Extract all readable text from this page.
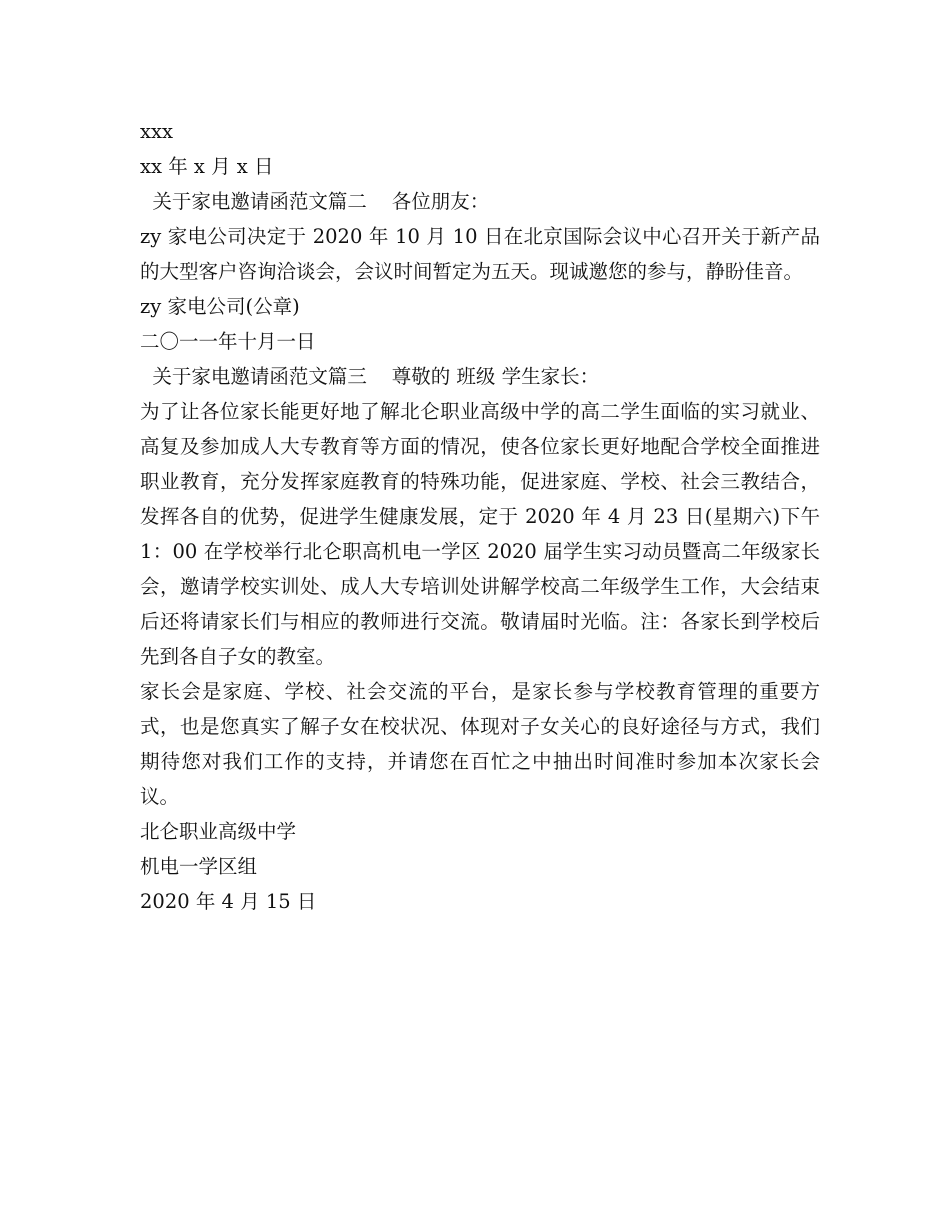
xxx
xx 年 x 月 x 日
关于家电邀请函范文篇二    各位朋友：
zy 家电公司决定于 2020 年 10 月 10 日在北京国际会议中心召开关于新产品的大型客户咨询洽谈会，会议时间暂定为五天。现诚邀您的参与，静盼佳音。
zy 家电公司(公章)
二〇一一年十月一日
关于家电邀请函范文篇三    尊敬的 班级 学生家长：
为了让各位家长能更好地了解北仑职业高级中学的高二学生面临的实习就业、高复及参加成人大专教育等方面的情况，使各位家长更好地配合学校全面推进职业教育，充分发挥家庭教育的特殊功能，促进家庭、学校、社会三教结合，发挥各自的优势，促进学生健康发展，定于 2020 年 4 月 23 日(星期六)下午 1：00 在学校举行北仑职高机电一学区 2020 届学生实习动员暨高二年级家长会，邀请学校实训处、成人大专培训处讲解学校高二年级学生工作，大会结束后还将请家长们与相应的教师进行交流。敬请届时光临。注：各家长到学校后先到各自子女的教室。
家长会是家庭、学校、社会交流的平台，是家长参与学校教育管理的重要方式，也是您真实了解子女在校状况、体现对子女关心的良好途径与方式，我们期待您对我们工作的支持，并请您在百忙之中抽出时间准时参加本次家长会议。
北仑职业高级中学
机电一学区组
2020 年 4 月 15 日
